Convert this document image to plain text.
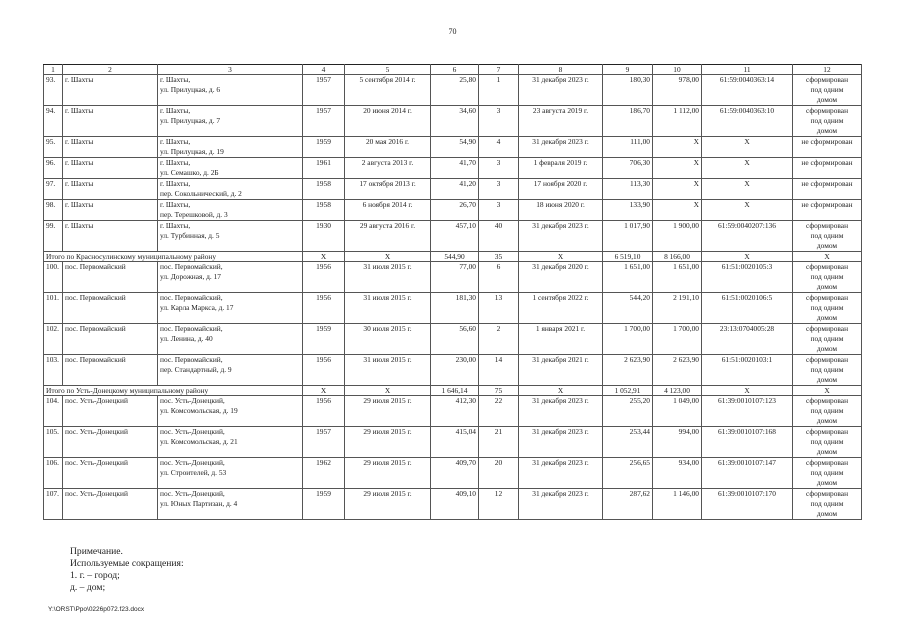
70
1	2	3	4	5	6	7	8	9	10	11	12
93.	г. Шахты	г. Шахты,
ул. Прилуцкая, д. 6	1957	5 сентября 2014 г.	25,80	1	31 декабря 2023 г.	180,30	978,00	61:59:0040363:14	сформирован
под одним
домом
94.	г. Шахты	г. Шахты,
ул. Прилуцкая, д. 7	1957	20 июня 2014 г.	34,60	3	23 августа 2019 г.	186,70	1 112,00	61:59:0040363:10	сформирован
под одним
домом
95.	г. Шахты	г. Шахты,
ул. Прилуцкая, д. 19	1959	20 мая 2016 г.	54,90	4	31 декабря 2023 г.	111,00	Х	Х	не сформирован
96.	г. Шахты	г. Шахты,
ул. Семашко, д. 2Б	1961	2 августа 2013 г.	41,70	3	1 февраля 2019 г.	706,30	Х	Х	не сформирован
97.	г. Шахты	г. Шахты,
пер. Сокольнический, д. 2	1958	17 октября 2013 г.	41,20	3	17 ноября 2020 г.	113,30	Х	Х	не сформирован
98.	г. Шахты	г. Шахты,
пер. Терешковой, д. 3	1958	6 ноября 2014 г.	26,70	3	18 июня 2020 г.	133,90	Х	Х	не сформирован
99.	г. Шахты	г. Шахты,
ул. Турбинная, д. 5	1930	29 августа 2016 г.	457,10	40	31 декабря 2023 г.	1 017,90	1 900,00	61:59:0040207:136	сформирован
под одним
домом
Итого по Красносулинскому муниципальному району			Х	Х	544,90	35	Х	6 519,10	8 166,00	Х	Х
100.	пос. Первомайский	пос. Первомайский,
ул. Дорожная, д. 17	1956	31 июля 2015 г.	77,00	6	31 декабря 2020 г.	1 651,00	1 651,00	61:51:0020105:3	сформирован
под одним
домом
101.	пос. Первомайский	пос. Первомайский,
ул. Карла Маркса, д. 17	1956	31 июля 2015 г.	181,30	13	1 сентября 2022 г.	544,20	2 191,10	61:51:0020106:5	сформирован
под одним
домом
102.	пос. Первомайский	пос. Первомайский,
ул. Ленина, д. 40	1959	30 июля 2015 г.	56,60	2	1 января 2021 г.	1 700,00	1 700,00	23:13:0704005:28	сформирован
под одним
домом
103.	пос. Первомайский	пос. Первомайский,
пер. Стандартный, д. 9	1956	31 июля 2015 г.	230,00	14	31 декабря 2021 г.	2 623,90	2 623,90	61:51:0020103:1	сформирован
под одним
домом
Итого по Усть-Донецкому муниципальному району			Х	Х	1 646,14	75	Х	1 052,91	4 123,00	Х	Х
104.	пос. Усть-Донецкий	пос. Усть-Донецкий,
ул. Комсомольская, д. 19	1956	29 июля 2015 г.	412,30	22	31 декабря 2023 г.	255,20	1 049,00	61:39:0010107:123	сформирован
под одним
домом
105.	пос. Усть-Донецкий	пос. Усть-Донецкий,
ул. Комсомольская, д. 21	1957	29 июля 2015 г.	415,04	21	31 декабря 2023 г.	253,44	994,00	61:39:0010107:168	сформирован
под одним
домом
106.	пос. Усть-Донецкий	пос. Усть-Донецкий,
ул. Строителей, д. 53	1962	29 июля 2015 г.	409,70	20	31 декабря 2023 г.	256,65	934,00	61:39:0010107:147	сформирован
под одним
домом
107.	пос. Усть-Донецкий	пос. Усть-Донецкий,
ул. Юных Партизан, д. 4	1959	29 июля 2015 г.	409,10	12	31 декабря 2023 г.	287,62	1 146,00	61:39:0010107:170	сформирован
под одним
домом
Примечание.
Используемые сокращения:
1. г. – город;
д. – дом;
Y:\ORST\Ppo\0226p072.f23.docx
